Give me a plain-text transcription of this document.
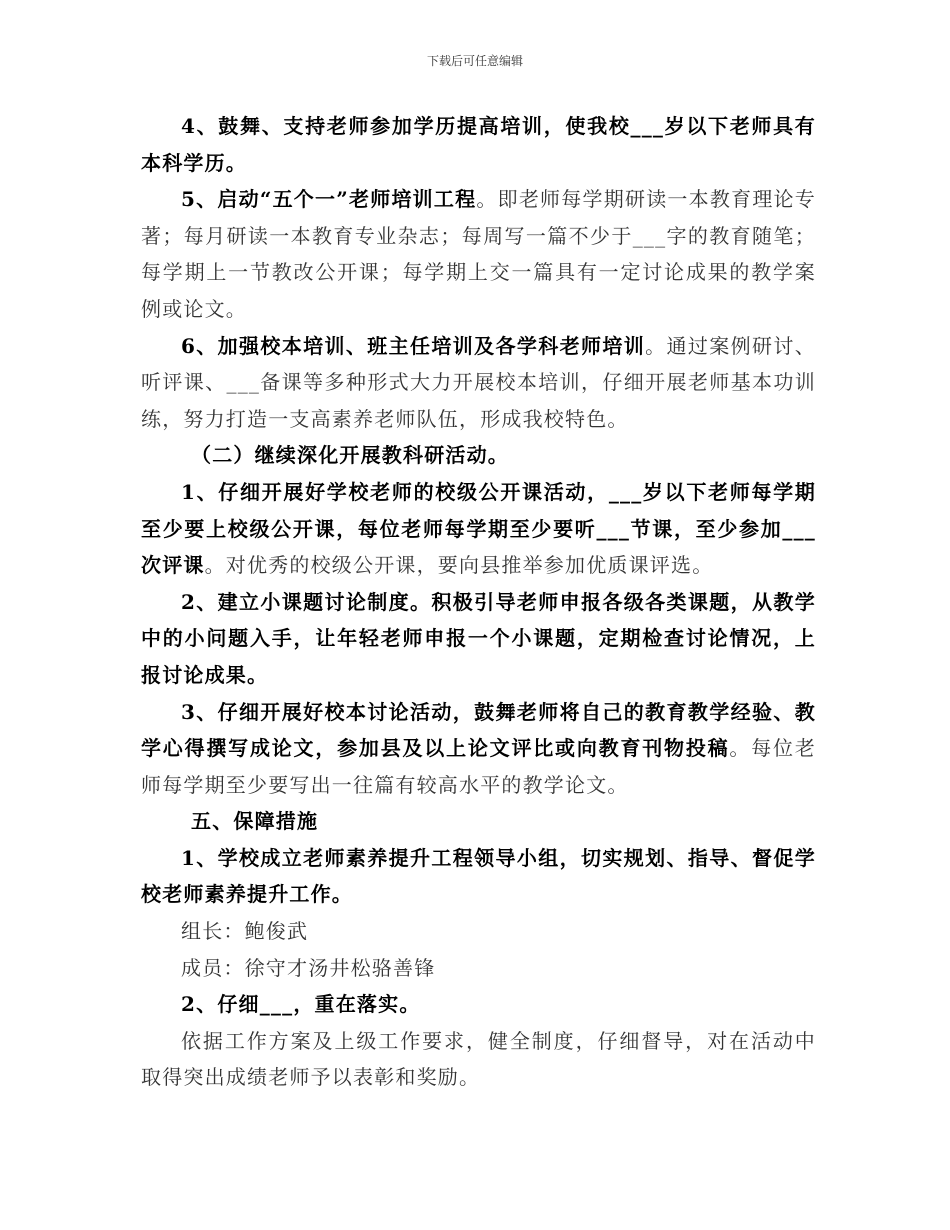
下载后可任意编辑

4、鼓舞、支持老师参加学历提高培训，使我校___岁以下老师具有本科学历。

5、启动“五个一”老师培训工程。即老师每学期研读一本教育理论专著；每月研读一本教育专业杂志；每周写一篇不少于___字的教育随笔；每学期上一节教改公开课；每学期上交一篇具有一定讨论成果的教学案例或论文。

6、加强校本培训、班主任培训及各学科老师培训。通过案例研讨、听评课、___备课等多种形式大力开展校本培训，仔细开展老师基本功训练，努力打造一支高素养老师队伍，形成我校特色。

（二）继续深化开展教科研活动。

1、仔细开展好学校老师的校级公开课活动，___岁以下老师每学期至少要上校级公开课，每位老师每学期至少要听___节课，至少参加___次评课。对优秀的校级公开课，要向县推举参加优质课评选。

2、建立小课题讨论制度。积极引导老师申报各级各类课题，从教学中的小问题入手，让年轻老师申报一个小课题，定期检查讨论情况，上报讨论成果。

3、仔细开展好校本讨论活动，鼓舞老师将自己的教育教学经验、教学心得撰写成论文，参加县及以上论文评比或向教育刊物投稿。每位老师每学期至少要写出一往篇有较高水平的教学论文。

五、保障措施

1、学校成立老师素养提升工程领导小组，切实规划、指导、督促学校老师素养提升工作。

组长：鲍俊武

成员：徐守才汤井松骆善锋

2、仔细___，重在落实。

依据工作方案及上级工作要求，健全制度，仔细督导，对在活动中取得突出成绩老师予以表彰和奖励。
